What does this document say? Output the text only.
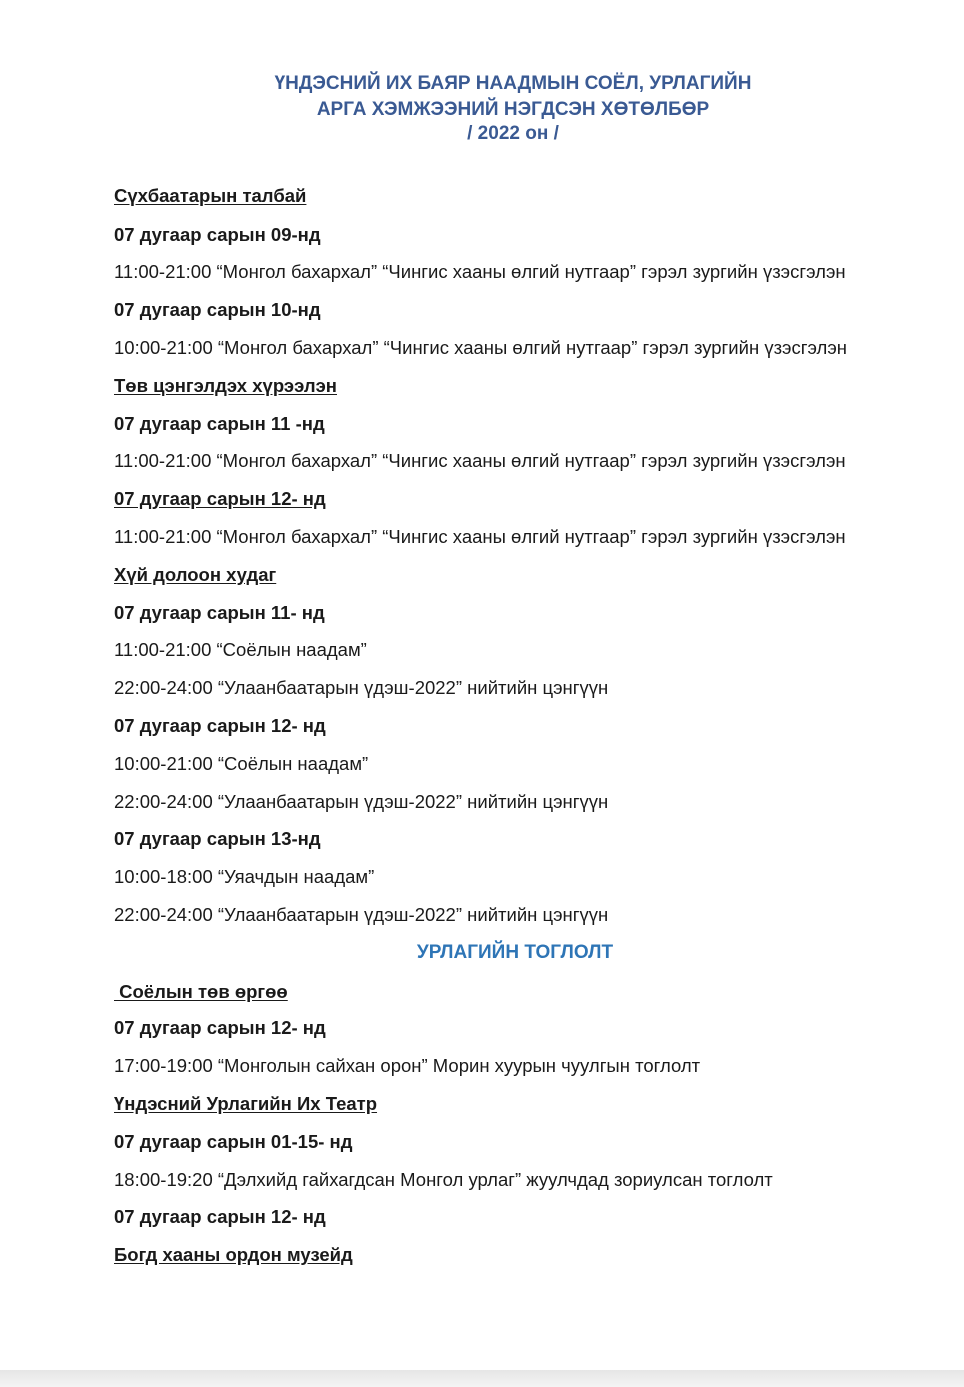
ҮНДЭСНИЙ ИХ БАЯР НААДМЫН СОЁЛ, УРЛАГИЙН
АРГА ХЭМЖЭЭНИЙ НЭГДСЭН ХӨТӨЛБӨР
/ 2022 он /

Сүхбаатарын талбай

07 дугаар сарын 09-нд

11:00-21:00 “Монгол бахархал” “Чингис хааны өлгий нутгаар” гэрэл зургийн үзэсгэлэн

07 дугаар сарын 10-нд

10:00-21:00 “Монгол бахархал” “Чингис хааны өлгий нутгаар” гэрэл зургийн үзэсгэлэн

Төв цэнгэлдэх хүрээлэн

07 дугаар сарын 11 -нд

11:00-21:00 “Монгол бахархал” “Чингис хааны өлгий нутгаар” гэрэл зургийн үзэсгэлэн

07 дугаар сарын 12- нд

11:00-21:00 “Монгол бахархал” “Чингис хааны өлгий нутгаар” гэрэл зургийн үзэсгэлэн

Хүй долоон худаг

07 дугаар сарын 11- нд

11:00-21:00 “Соёлын наадам”

22:00-24:00 “Улаанбаатарын үдэш-2022” нийтийн цэнгүүн

07 дугаар сарын 12- нд

10:00-21:00 “Соёлын наадам”

22:00-24:00 “Улаанбаатарын үдэш-2022” нийтийн цэнгүүн

07 дугаар сарын 13-нд

10:00-18:00 “Уяачдын наадам”

22:00-24:00 “Улаанбаатарын үдэш-2022” нийтийн цэнгүүн

УРЛАГИЙН ТОГЛОЛТ

Соёлын төв өргөө

07 дугаар сарын 12- нд

17:00-19:00 “Монголын сайхан орон” Морин хуурын чуулгын тоглолт

Үндэсний Урлагийн Их Театр

07 дугаар сарын 01-15- нд

18:00-19:20 “Дэлхийд гайхагдсан Монгол урлаг” жуулчдад зориулсан тоглолт

07 дугаар сарын 12- нд

Богд хааны ордон музейд
